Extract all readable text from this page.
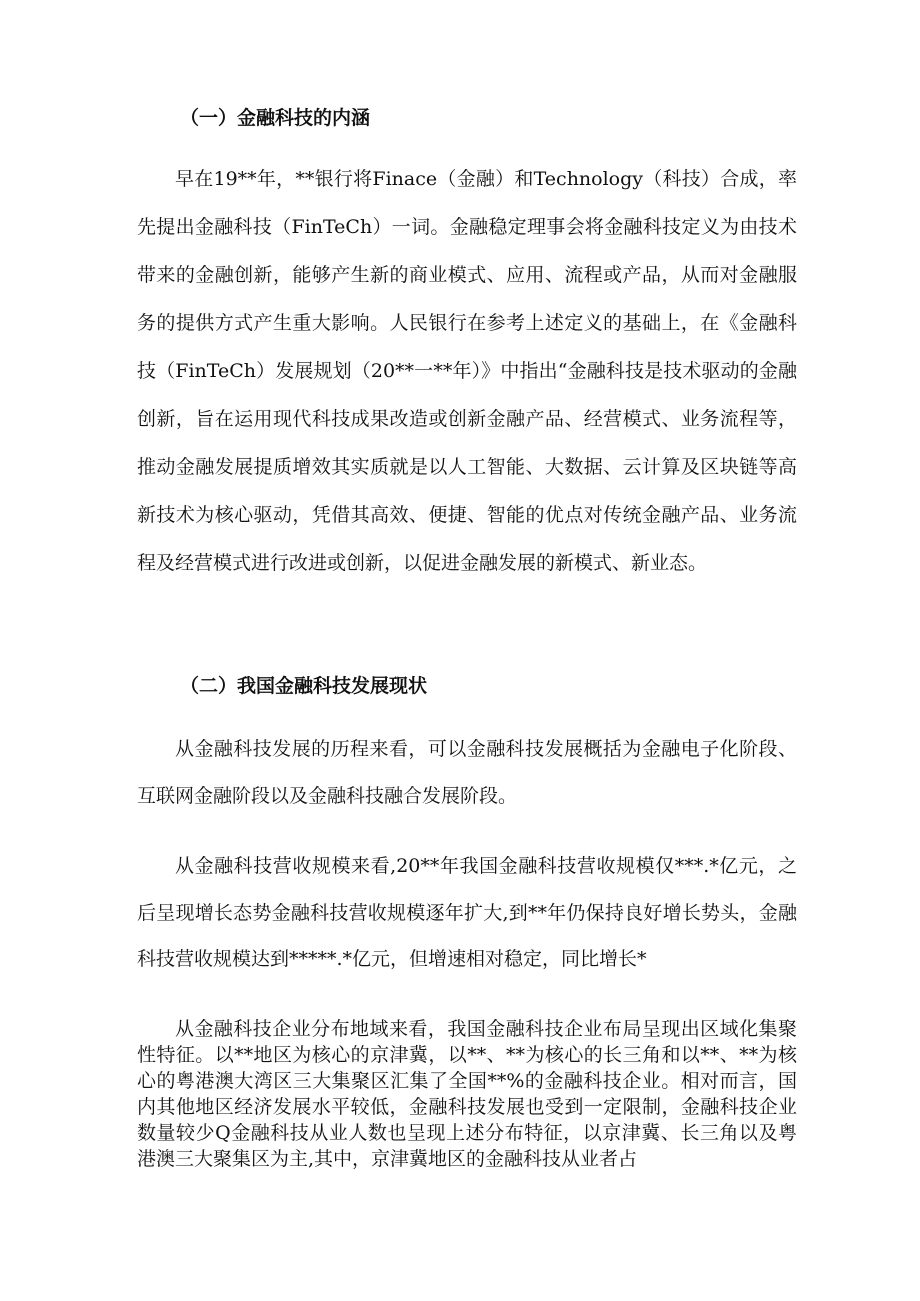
（一）金融科技的内涵

早在19**年，**银行将Finace（金融）和Technology（科技）合成，率先提出金融科技（FinTeCh）一词。金融稳定理事会将金融科技定义为由技术带来的金融创新，能够产生新的商业模式、应用、流程或产品，从而对金融服务的提供方式产生重大影响。人民银行在参考上述定义的基础上，在《金融科技（FinTeCh）发展规划（20**一**年）》中指出“金融科技是技术驱动的金融创新，旨在运用现代科技成果改造或创新金融产品、经营模式、业务流程等，推动金融发展提质增效其实质就是以人工智能、大数据、云计算及区块链等高新技术为核心驱动，凭借其高效、便捷、智能的优点对传统金融产品、业务流程及经营模式进行改进或创新，以促进金融发展的新模式、新业态。

（二）我国金融科技发展现状

从金融科技发展的历程来看，可以金融科技发展概括为金融电子化阶段、互联网金融阶段以及金融科技融合发展阶段。

从金融科技营收规模来看,20**年我国金融科技营收规模仅***.*亿元，之后呈现增长态势金融科技营收规模逐年扩大,到**年仍保持良好增长势头，金融科技营收规模达到*****.*亿元，但增速相对稳定，同比增长*

从金融科技企业分布地域来看，我国金融科技企业布局呈现出区域化集聚性特征。以**地区为核心的京津冀，以**、**为核心的长三角和以**、**为核心的粤港澳大湾区三大集聚区汇集了全国**%的金融科技企业。相对而言，国内其他地区经济发展水平较低，金融科技发展也受到一定限制，金融科技企业数量较少Q金融科技从业人数也呈现上述分布特征，以京津冀、长三角以及粤港澳三大聚集区为主,其中，京津冀地区的金融科技从业者占
